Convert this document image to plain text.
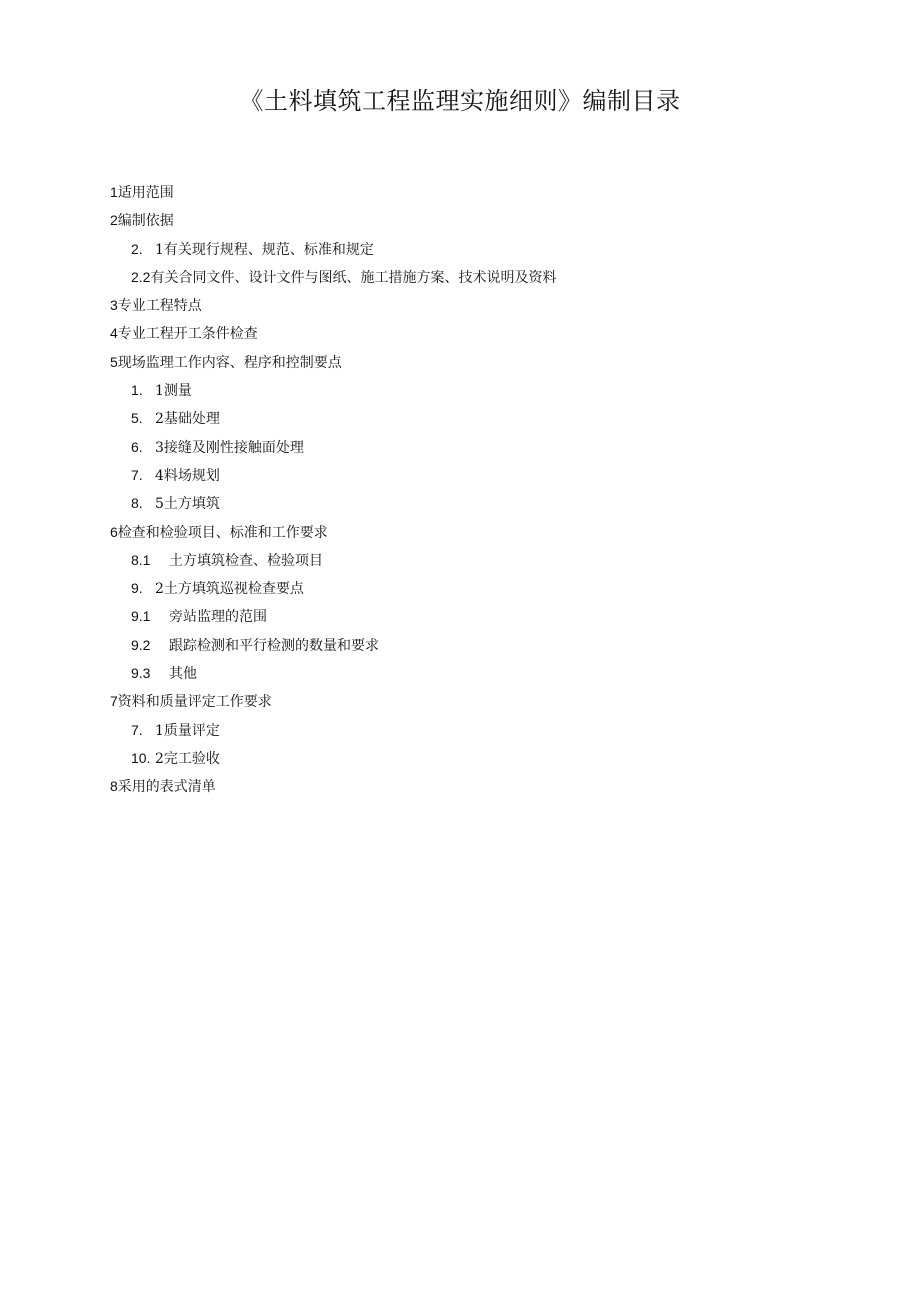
《土料填筑工程监理实施细则》编制目录
1适用范围
2编制依据
2. 1有关现行规程、规范、标准和规定
2.2有关合同文件、设计文件与图纸、施工措施方案、技术说明及资料
3专业工程特点
4专业工程开工条件检查
5现场监理工作内容、程序和控制要点
1. 1测量
5. 2基础处理
6. 3接缝及刚性接触面处理
7. 4料场规划
8. 5土方填筑
6检查和检验项目、标准和工作要求
8.1 土方填筑检查、检验项目
9. 2土方填筑巡视检查要点
9.1 旁站监理的范围
9.2 跟踪检测和平行检测的数量和要求
9.3 其他
7资料和质量评定工作要求
7. 1质量评定
10. 2完工验收
8采用的表式清单
